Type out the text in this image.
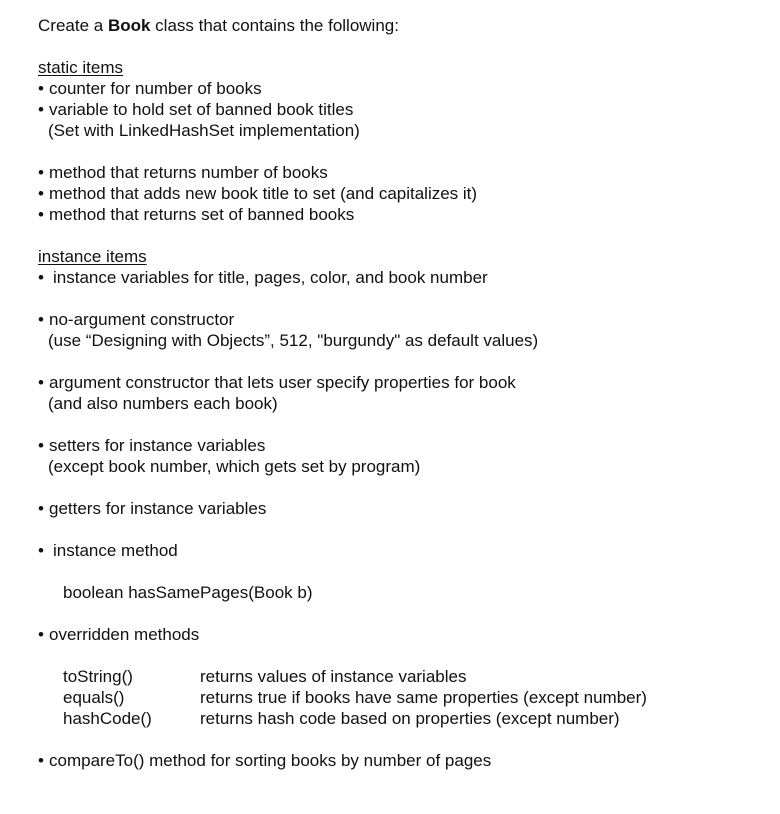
Create a Book class that contains the following:
static items
• counter for number of books
• variable to hold set of banned book titles
(Set with LinkedHashSet implementation)
• method that returns number of books
• method that adds new book title to set (and capitalizes it)
• method that returns set of banned books
instance items
• instance variables for title, pages, color, and book number
• no-argument constructor
(use “Designing with Objects”, 512, "burgundy" as default values)
• argument constructor that lets user specify properties for book
(and also numbers each book)
• setters for instance variables
(except book number, which gets set by program)
• getters for instance variables
• instance method
boolean hasSamePages(Book b)
• overridden methods
toString()	returns values of instance variables
equals()	returns true if books have same properties (except number)
hashCode()	returns hash code based on properties (except number)
• compareTo() method for sorting books by number of pages
